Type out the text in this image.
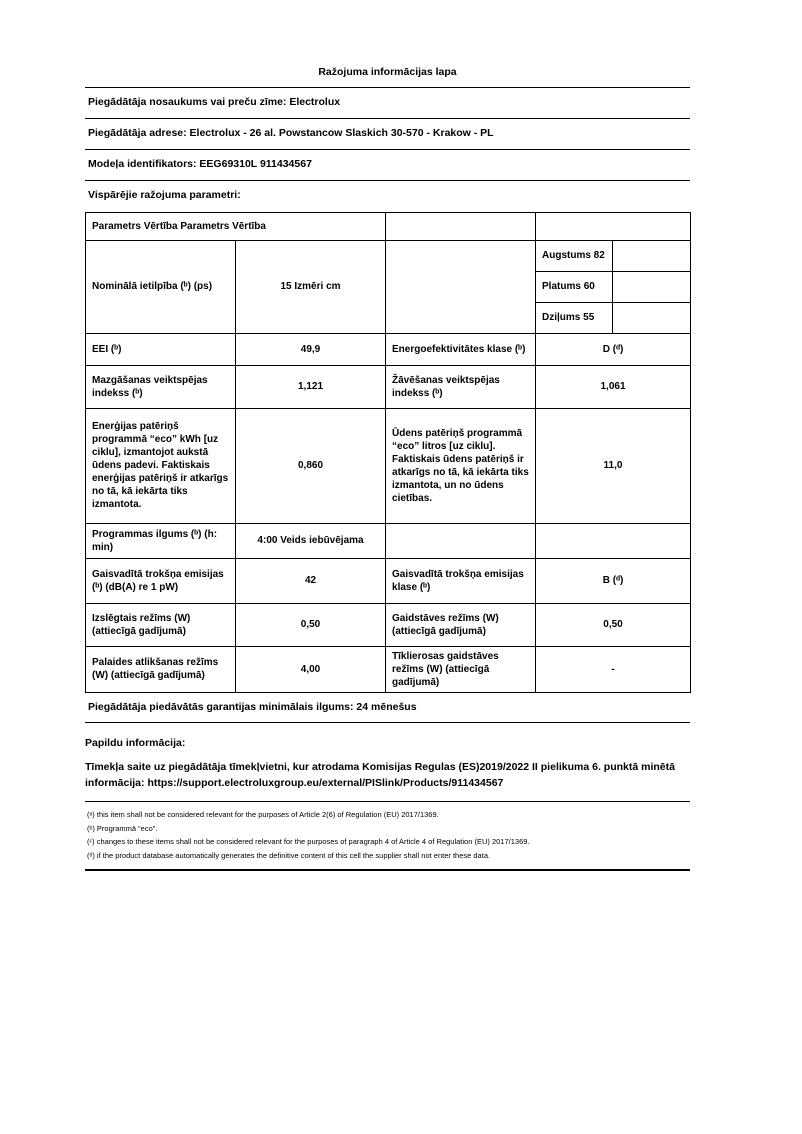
Ražojuma informācijas lapa
Piegādātāja nosaukums vai preču zīme: Electrolux
Piegādātāja adrese: Electrolux - 26 al. Powstancow Slaskich 30-570 - Krakow - PL
Modeļa identifikators: EEG69310L 911434567
Vispārējie ražojuma parametri:
Parametrs Vērtība Parametrs Vērtība				
Nominālā ietilpība (ᵇ) (ps)	15 Izmēri cm		Augstums 82	
			Platums 60	
			Dziļums 55	
EEI (ᵇ)	49,9	Energoefektivitātes klase (ᵇ)	D (ᵈ)	
Mazgāšanas veiktspējas indekss (ᵇ)	1,121	Žāvēšanas veiktspējas indekss (ᵇ)	1,061	
Enerģijas patēriņš programmā “eco” kWh [uz ciklu], izmantojot aukstā ūdens padevi. Faktiskais enerģijas patēriņš ir atkarīgs no tā, kā iekārta tiks izmantota.	0,860	Ūdens patēriņš programmā “eco” litros [uz ciklu]. Faktiskais ūdens patēriņš ir atkarīgs no tā, kā iekārta tiks izmantota, un no ūdens cietības.	11,0	
Programmas ilgums (ᵇ) (h: min)	4:00 Veids iebūvējama			
Gaisvadītā trokšņa emisijas (ᵇ) (dB(A) re 1 pW)	42	Gaisvadītā trokšņa emisijas klase (ᵇ)	B (ᵈ)	
Izslēgtais režīms (W) (attiecīgā gadījumā)	0,50	Gaidstāves režīms (W) (attiecīgā gadījumā)	0,50	
Palaides atlikšanas režīms (W) (attiecīgā gadījumā)	4,00	Tīklierosas gaidstāves režīms (W) (attiecīgā gadījumā)	-	
Piegādātāja piedāvātās garantijas minimālais ilgums: 24 mēnešus
Papildu informācija:

Tīmekļa saite uz piegādātāja tīmekļvietni, kur atrodama Komisijas Regulas (ES)2019/2022 II pielikuma 6. punktā minētā informācija: https://support.electroluxgroup.eu/external/PISlink/Products/911434567

(ᵃ) this item shall not be considered relevant for the purposes of Article 2(6) of Regulation (EU) 2017/1369.
(ᵇ) Programmā “eco”.
(ᶜ) changes to these items shall not be considered relevant for the purposes of paragraph 4 of Article 4 of Regulation (EU) 2017/1369.
(ᵈ) if the product database automatically generates the definitive content of this cell the supplier shall not enter these data.
